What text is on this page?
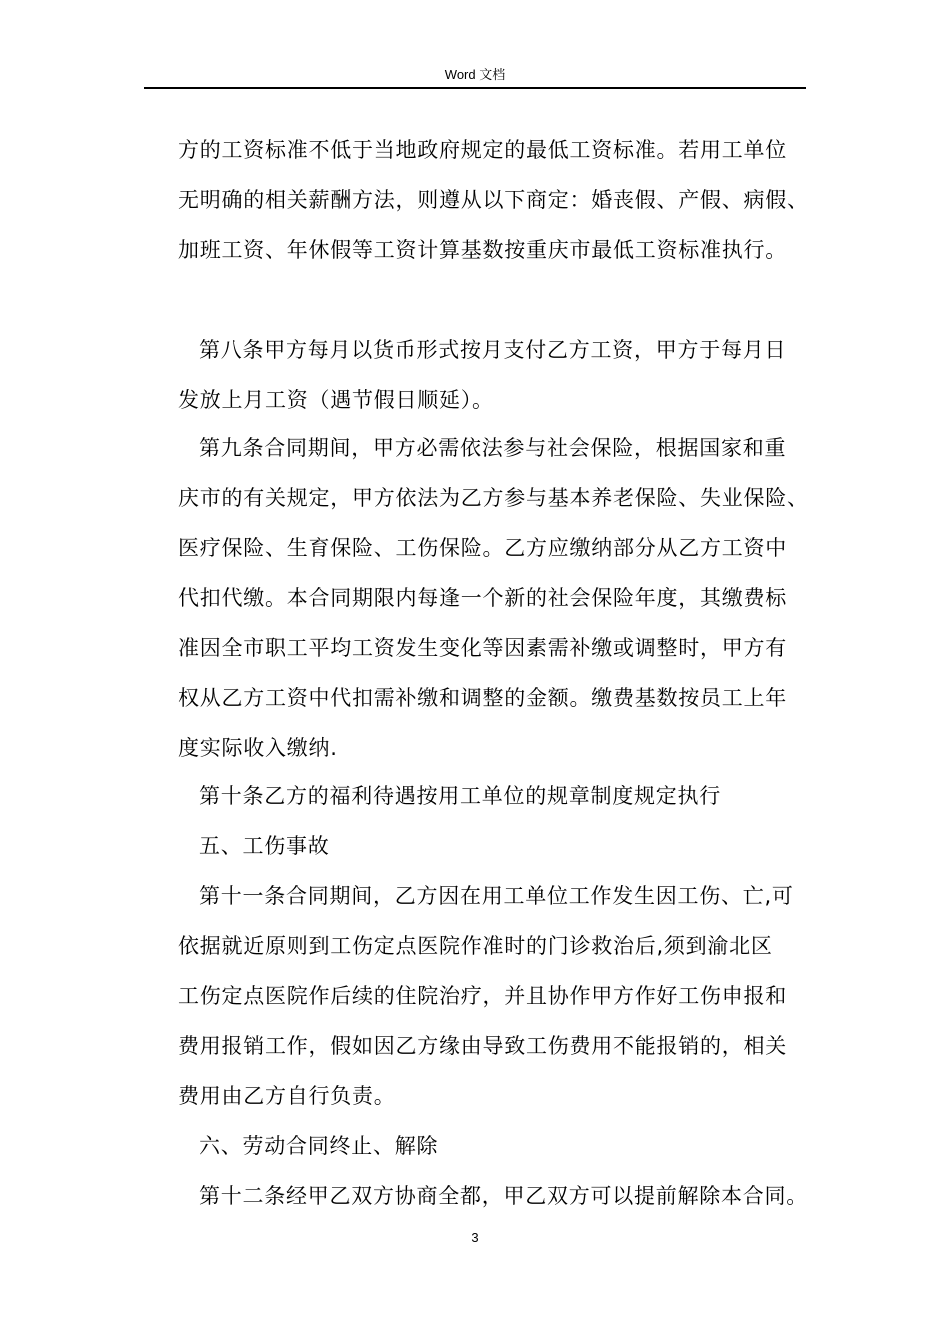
Word 文档
方的工资标准不低于当地政府规定的最低工资标准。若用工单位
无明确的相关薪酬方法，则遵从以下商定：婚丧假、产假、病假、
加班工资、年休假等工资计算基数按重庆市最低工资标准执行。
第八条甲方每月以货币形式按月支付乙方工资，甲方于每月日
发放上月工资（遇节假日顺延）。
第九条合同期间，甲方必需依法参与社会保险，根据国家和重
庆市的有关规定，甲方依法为乙方参与基本养老保险、失业保险、
医疗保险、生育保险、工伤保险。乙方应缴纳部分从乙方工资中
代扣代缴。本合同期限内每逢一个新的社会保险年度，其缴费标
准因全市职工平均工资发生变化等因素需补缴或调整时，甲方有
权从乙方工资中代扣需补缴和调整的金额。缴费基数按员工上年
度实际收入缴纳.
第十条乙方的福利待遇按用工单位的规章制度规定执行
五、工伤事故
第十一条合同期间，乙方因在用工单位工作发生因工伤、亡,可
依据就近原则到工伤定点医院作准时的门诊救治后,须到渝北区
工伤定点医院作后续的住院治疗，并且协作甲方作好工伤申报和
费用报销工作，假如因乙方缘由导致工伤费用不能报销的，相关
费用由乙方自行负责。
六、劳动合同终止、解除
第十二条经甲乙双方协商全都，甲乙双方可以提前解除本合同。
3
